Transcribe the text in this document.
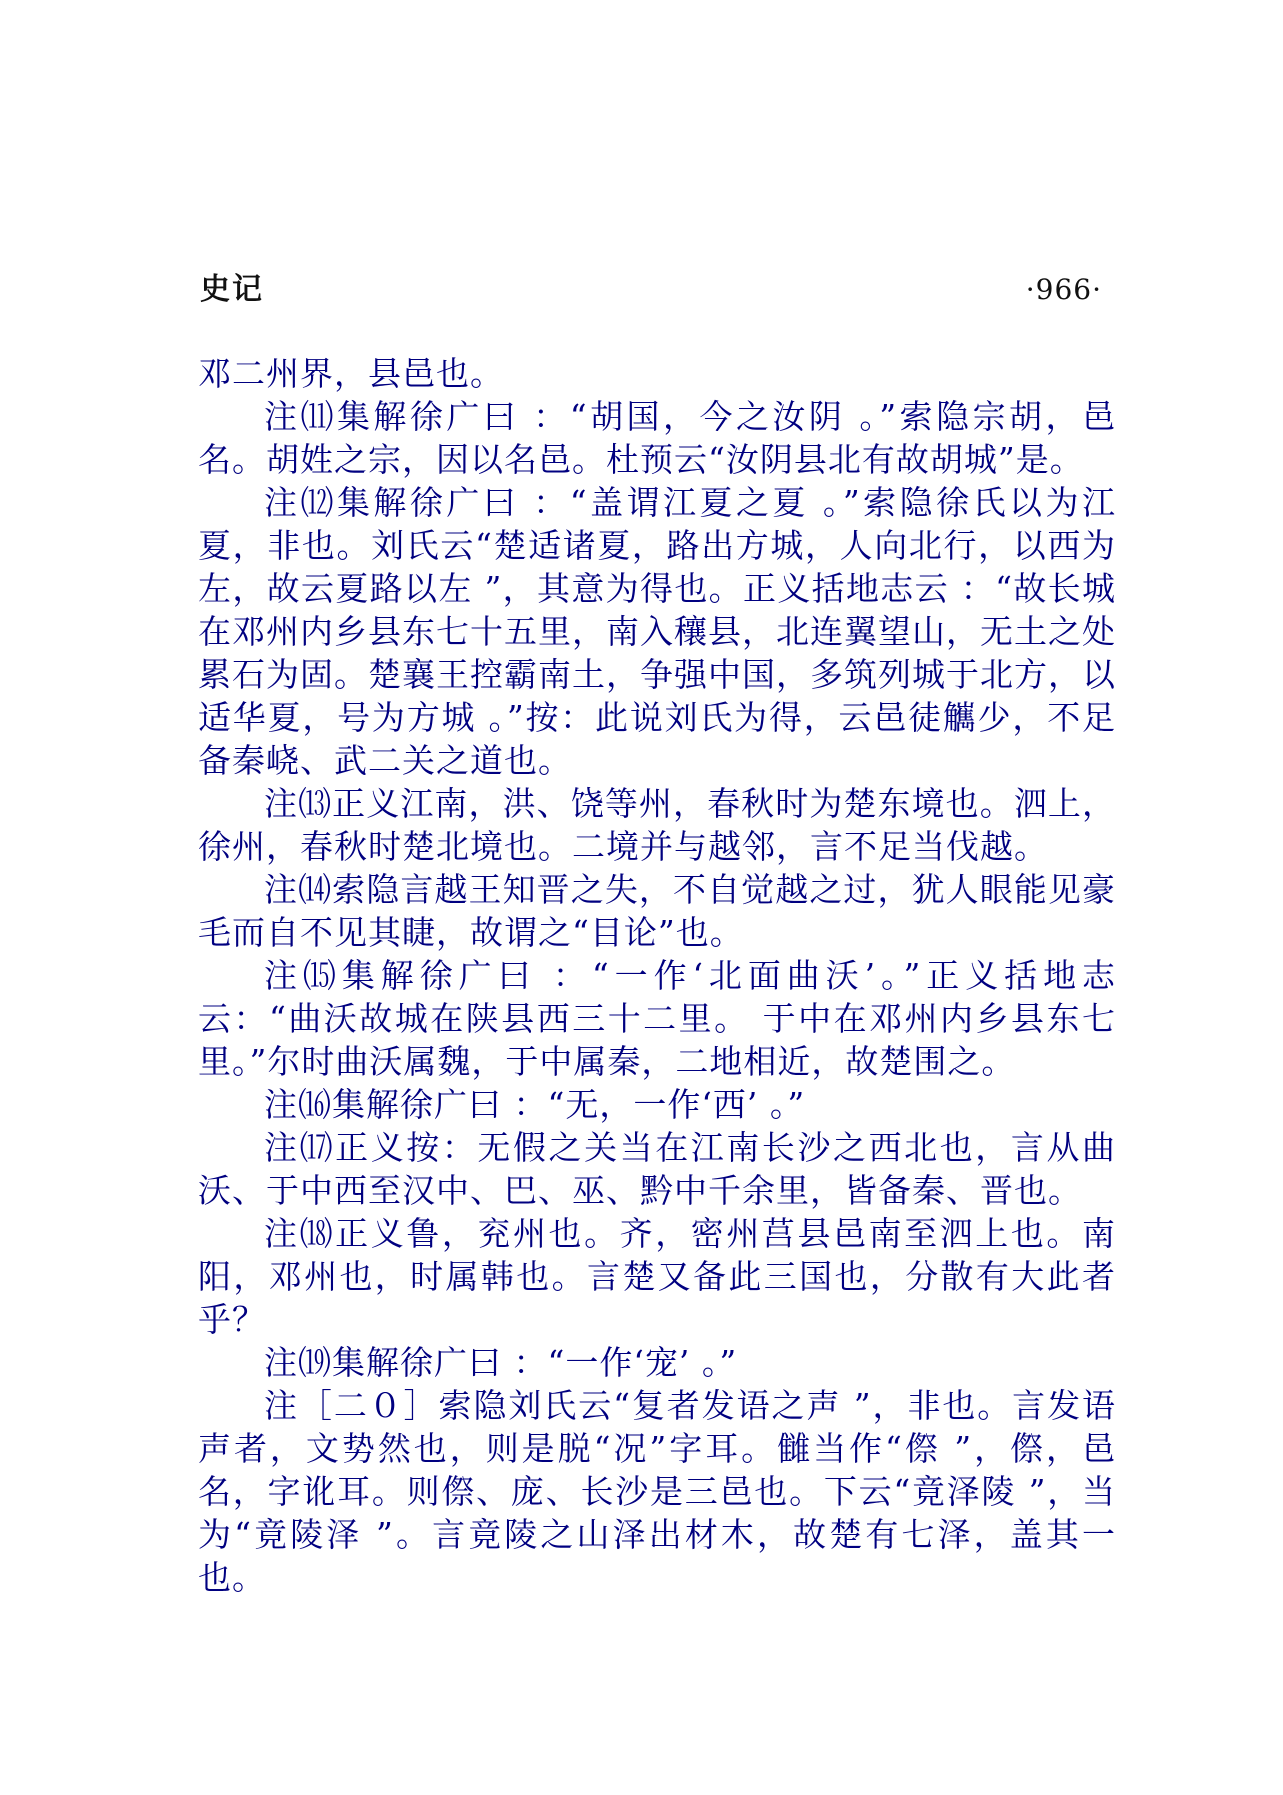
史记	·966·

邓二州界，县邑也。

注⑾集解徐广曰 ：“胡国，今之汝阴 。”索隐宗胡，邑名。胡姓之宗，因以名邑。杜预云“汝阴县北有故胡城”是。

注⑿集解徐广曰 ：“盖谓江夏之夏 。”索隐徐氏以为江夏，非也。刘氏云“楚适诸夏，路出方城，人向北行，以西为左，故云夏路以左 ”，其意为得也。正义括地志云 ：“故长城在邓州内乡县东七十五里，南入穰县，北连翼望山，无土之处累石为固。楚襄王控霸南土，争强中国，多筑列城于北方，以适华夏，号为方城 。”按：此说刘氏为得，云邑徒觽少，不足备秦峣、武二关之道也。

注⒀正义江南，洪、饶等州，春秋时为楚东境也。泗上，徐州，春秋时楚北境也。二境并与越邻，言不足当伐越。

注⒁索隐言越王知晋之失，不自觉越之过，犹人眼能见豪毛而自不见其睫，故谓之“目论”也。

注⒂集解徐广曰 ：“一作‘北面曲沃’。”正义括地志云：“曲沃故城在陕县西三十二里。 于中在邓州内乡县东七里。”尔时曲沃属魏，于中属秦，二地相近，故楚围之。

注⒃集解徐广曰 ：“无，一作‘西’ 。”

注⒄正义按：无假之关当在江南长沙之西北也，言从曲沃、于中西至汉中、巴、巫、黔中千余里，皆备秦、晋也。

注⒅正义鲁，兖州也。齐，密州莒县邑南至泗上也。南阳，邓州也，时属韩也。言楚又备此三国也，分散有大此者乎？

注⒆集解徐广曰 ：“一作‘宠’ 。”

注［二０］索隐刘氏云“复者发语之声 ”，非也。言发语声者，文势然也，则是脱“况”字耳。雠当作“傺 ”，傺，邑名，字讹耳。则傺、庞、长沙是三邑也。下云“竟泽陵 ”，当为“竟陵泽 ”。言竟陵之山泽出材木，故楚有七泽，盖其一也。
